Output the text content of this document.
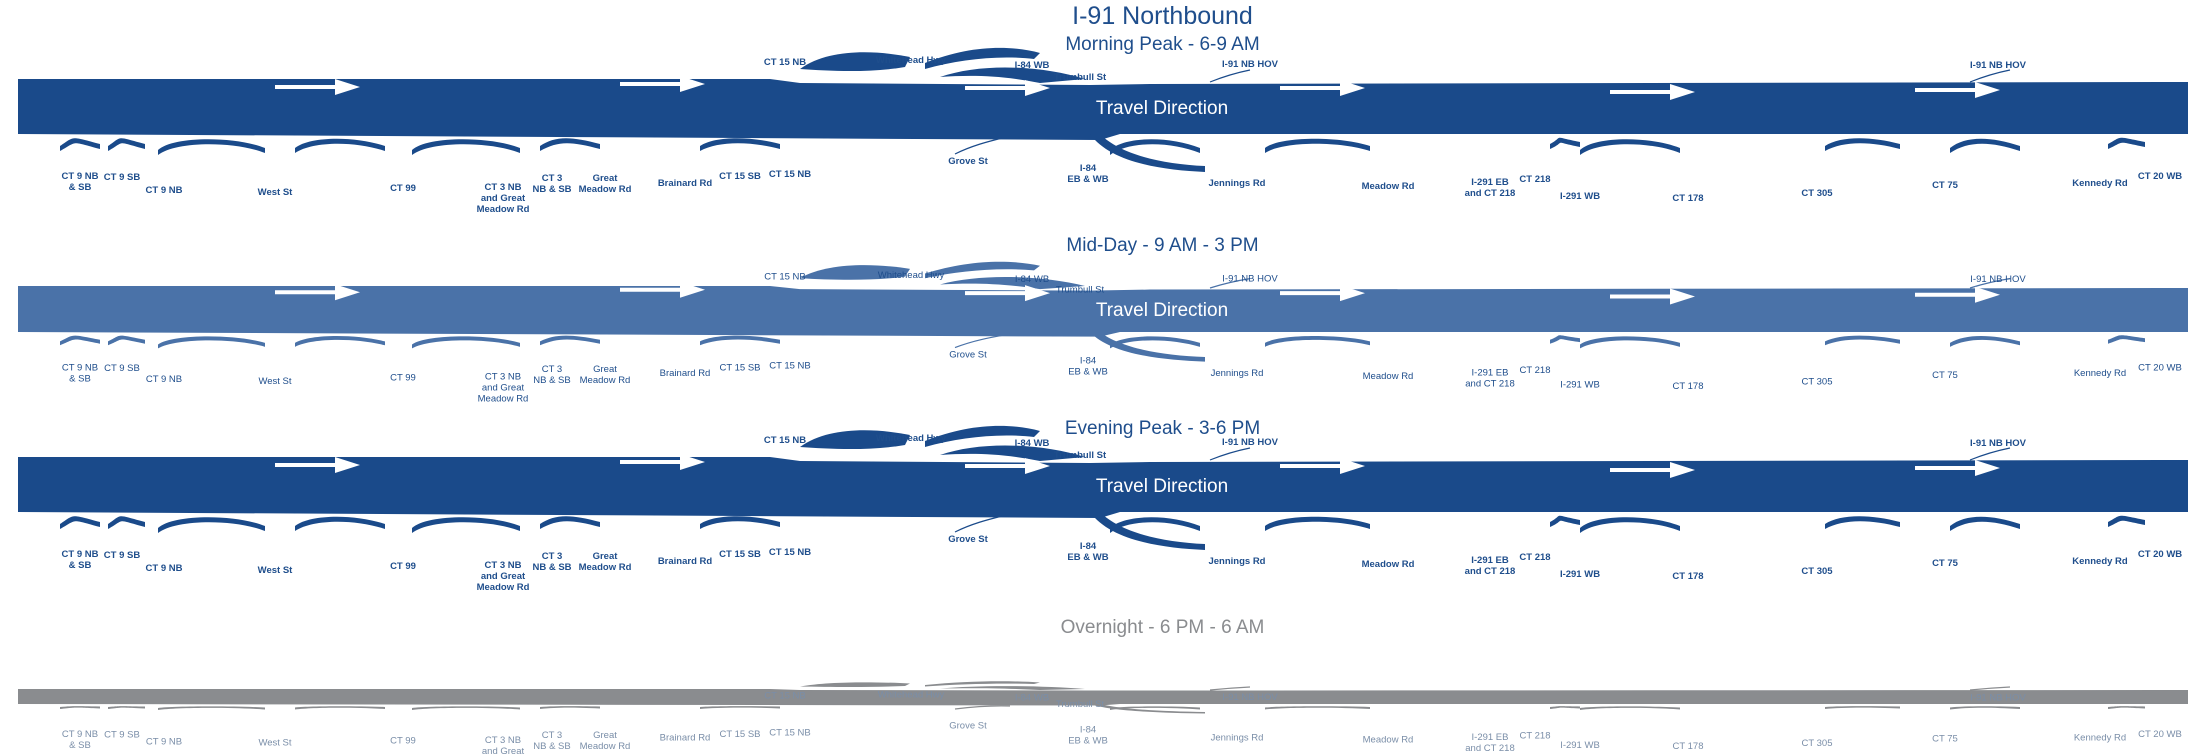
I-91 Northbound
Morning Peak - 6-9 AM
Mid-Day - 9 AM - 3 PM
Evening Peak - 3-6 PM
Overnight - 6 PM - 6 AM
Travel Direction
CT 9 NB & SB
CT 9 SB
CT 9 NB	West St	CT 99	CT 3 NB and Great Meadow Rd
CT 3 NB & SB
Great Meadow Rd
Brainard Rd
CT 15 SB CT 15 NB
Grove St
I-84 EB & WB	Jennings Rd	Meadow Rd	I-291 EB and CT 218
CT 218
I-291 WB	CT 178	CT 305
CT 75	Kennedy Rd
CT 20 WB
CT 15 NB	Whitehead Hwy	I-84 WB
Trumbull St
I-91 NB HOV	I-91 NB HOV
Travel Direction
CT 9 NB & SB
CT 9 SB
CT 9 NB	West St	CT 99	CT 3 NB and Great Meadow Rd
CT 3 NB & SB
Great Meadow Rd
Brainard Rd
CT 15 SB CT 15 NB
Grove St
I-84 EB & WB	Jennings Rd	Meadow Rd	I-291 EB and CT 218
CT 218
I-291 WB	CT 178	CT 305
CT 75	Kennedy Rd
CT 20 WB
CT 15 NB	Whitehead Hwy	I-84 WB
Trumbull St
I-91 NB HOV	I-91 NB HOV
Travel Direction
CT 9 NB & SB
CT 9 SB
CT 9 NB	West St	CT 99	CT 3 NB and Great Meadow Rd
CT 3 NB & SB
Great Meadow Rd
Brainard Rd
CT 15 SB CT 15 NB
Grove St
I-84 EB & WB	Jennings Rd	Meadow Rd	I-291 EB and CT 218
CT 218
I-291 WB	CT 178	CT 305
CT 75	Kennedy Rd
CT 20 WB
CT 15 NB	Whitehead Hwy	I-84 WB
Trumbull St
I-91 NB HOV	I-91 NB HOV
CT 9 NB & SB
CT 9 SB
CT 9 NB	West St	CT 99	CT 3 NB and Great
CT 3 NB & SB
Great Meadow Rd
Brainard Rd CT 15 SB CT 15 NB
Grove St	I-84 EB & WB	Jennings Rd	Meadow Rd	I-291 EB and CT 218
CT 218
I-291 WB	CT 178	CT 305	CT 75	Kennedy Rd CT 20 WB
CT 15 NB	Whitehead Hwy	I-84 WB
Trumbull St
I-91 NB HOV	I-91 NB HOV
